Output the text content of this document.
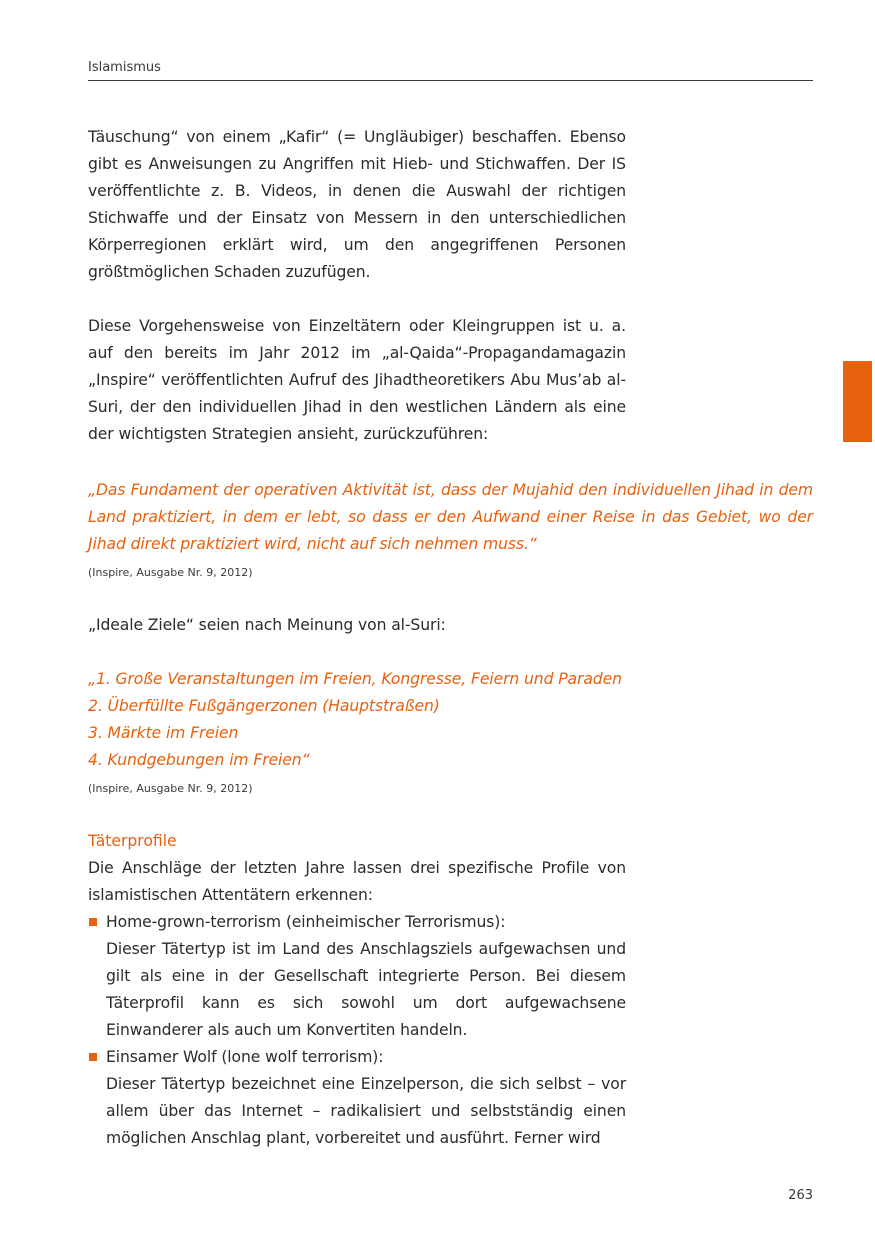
Islamismus

Täuschung“ von einem „Kafir“ (= Ungläubiger) beschaffen. Ebenso gibt es Anweisungen zu Angriffen mit Hieb- und Stichwaffen. Der IS veröffentlichte z. B. Videos, in denen die Auswahl der richtigen Stichwaffe und der Einsatz von Messern in den unterschiedlichen Körperregionen erklärt wird, um den angegriffenen Personen größtmöglichen Schaden zuzufügen.

Diese Vorgehensweise von Einzeltätern oder Kleingruppen ist u. a. auf den bereits im Jahr 2012 im „al-Qaida“-Propagandamagazin „Inspire“ veröffentlichten Aufruf des Jihadtheoretikers Abu Mus’ab al-Suri, der den individuellen Jihad in den westlichen Ländern als eine der wichtigsten Strategien ansieht, zurückzuführen:

„Das Fundament der operativen Aktivität ist, dass der Mujahid den individuellen Jihad in dem Land praktiziert, in dem er lebt, so dass er den Aufwand einer Reise in das Gebiet, wo der Jihad direkt praktiziert wird, nicht auf sich nehmen muss.“
(Inspire, Ausgabe Nr. 9, 2012)

„Ideale Ziele“ seien nach Meinung von al-Suri:

„1. Große Veranstaltungen im Freien, Kongresse, Feiern und Paraden
2. Überfüllte Fußgängerzonen (Hauptstraßen)
3. Märkte im Freien
4. Kundgebungen im Freien“
(Inspire, Ausgabe Nr. 9, 2012)
Täterprofile

Die Anschläge der letzten Jahre lassen drei spezifische Profile von islamistischen Attentätern erkennen:

Home-grown-terrorism (einheimischer Terrorismus):

Dieser Tätertyp ist im Land des Anschlagsziels aufgewachsen und gilt als eine in der Gesellschaft integrierte Person. Bei diesem Täterprofil kann es sich sowohl um dort aufgewachsene Einwanderer als auch um Konvertiten handeln.

Einsamer Wolf (lone wolf terrorism):

Dieser Tätertyp bezeichnet eine Einzelperson, die sich selbst – vor allem über das Internet – radikalisiert und selbstständig einen möglichen Anschlag plant, vorbereitet und ausführt. Ferner wird

263
